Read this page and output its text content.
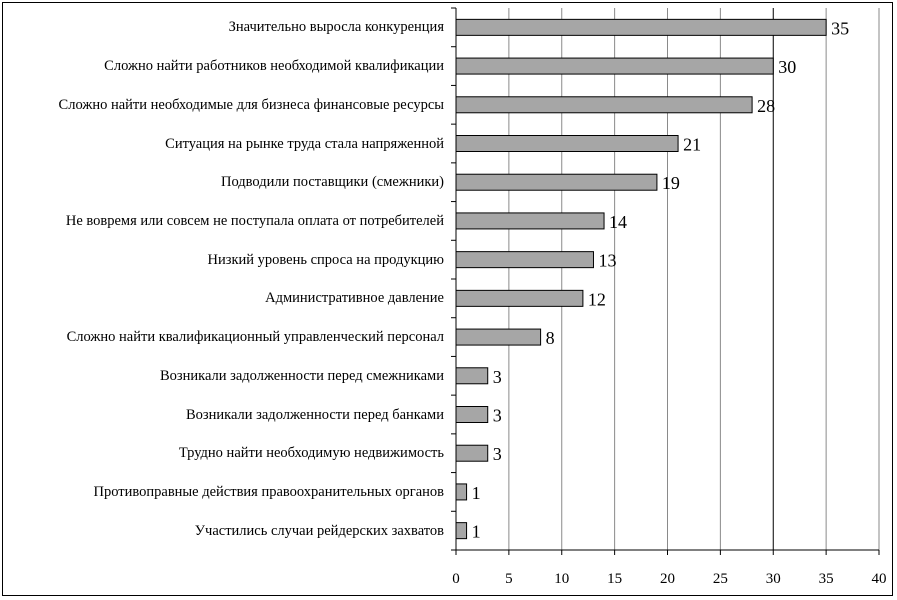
0	5	10	15	20	25	30	35	40
35
30
28
21
19
14
13
12
8
3
3
3
1
1
Значительно выросла конкуренция
Сложно найти работников необходимой квалификации
Сложно найти необходимые для бизнеса финансовые ресурсы
Ситуация на рынке труда стала напряженной
Подводили поставщики (смежники)
Не вовремя или совсем не поступала оплата от потребителей
Низкий уровень спроса на продукцию
Административное давление
Сложно найти квалификационный управленческий персонал
Возникали задолженности перед смежниками
Возникали задолженности перед банками
Трудно найти необходимую недвижимость
Противоправные действия правоохранительных органов
Участились случаи рейдерских захватов
